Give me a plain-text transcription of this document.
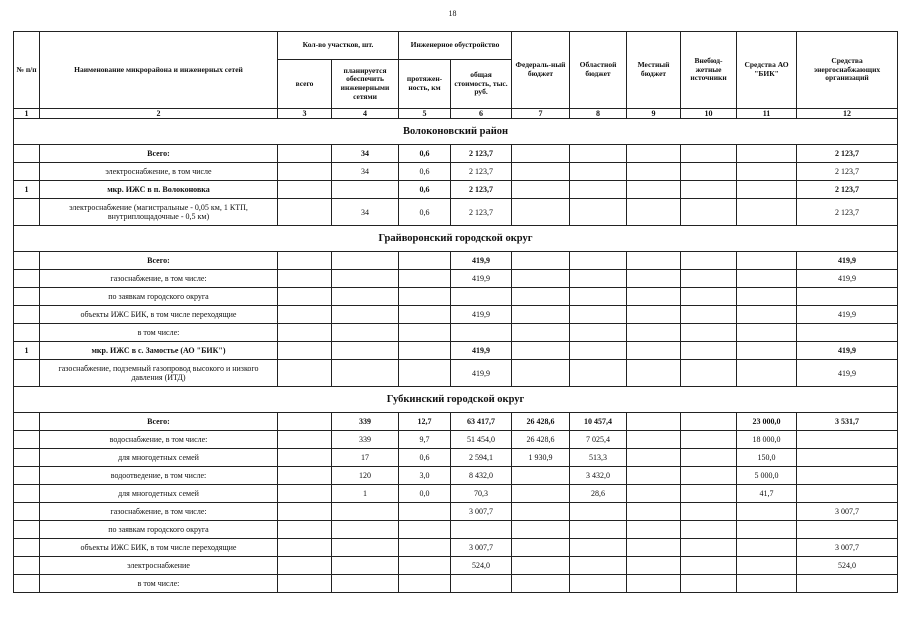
18
№ п/п	Наименование микрорайона и инженерных сетей	Кол-во участков, шт.		Инженерное обустройство		Федераль-ный бюджет	Областной бюджет	Местный бюджет	Внебюд-жетные источники	Средства АО "БИК"	Средства энергоснабжающих организаций
		всего	планируется обеспечить инженерными сетями	протяжен-ность, км	общая стоимость, тыс. руб.						
1	2	3	4	5	6	7	8	9	10	11	12
Волоконовский район											
	Всего:		34	0,6	2 123,7						2 123,7
	электроснабжение, в том числе		34	0,6	2 123,7						2 123,7
1	мкр. ИЖС в п. Волоконовка			0,6	2 123,7						2 123,7
	электроснабжение (магистральные - 0,05 км, 1 КТП, внутриплощадочные - 0,5 км)		34	0,6	2 123,7						2 123,7
Грайворонский городской округ											
	Всего:				419,9						419,9
	газоснабжение, в том числе:				419,9						419,9
	по заявкам городского округа										
	объекты ИЖС БИК, в том числе переходящие				419,9						419,9
	в том числе:										
1	мкр. ИЖС в с. Замостье (АО "БИК")				419,9						419,9
	газоснабжение, подземный газопровод высокого и низкого давления (ИТД)				419,9						419,9
Губкинский городской округ											
	Всего:		339	12,7	63 417,7	26 428,6	10 457,4			23 000,0	3 531,7
	водоснабжение, в том числе:		339	9,7	51 454,0	26 428,6	7 025,4			18 000,0	
	для многодетных семей		17	0,6	2 594,1	1 930,9	513,3			150,0	
	водоотведение, в том числе:		120	3,0	8 432,0		3 432,0			5 000,0	
	для многодетных семей		1	0,0	70,3		28,6			41,7	
	газоснабжение, в том числе:				3 007,7						3 007,7
	по заявкам городского округа										
	объекты ИЖС БИК, в том числе переходящие				3 007,7						3 007,7
	электроснабжение				524,0						524,0
	в том числе:										
